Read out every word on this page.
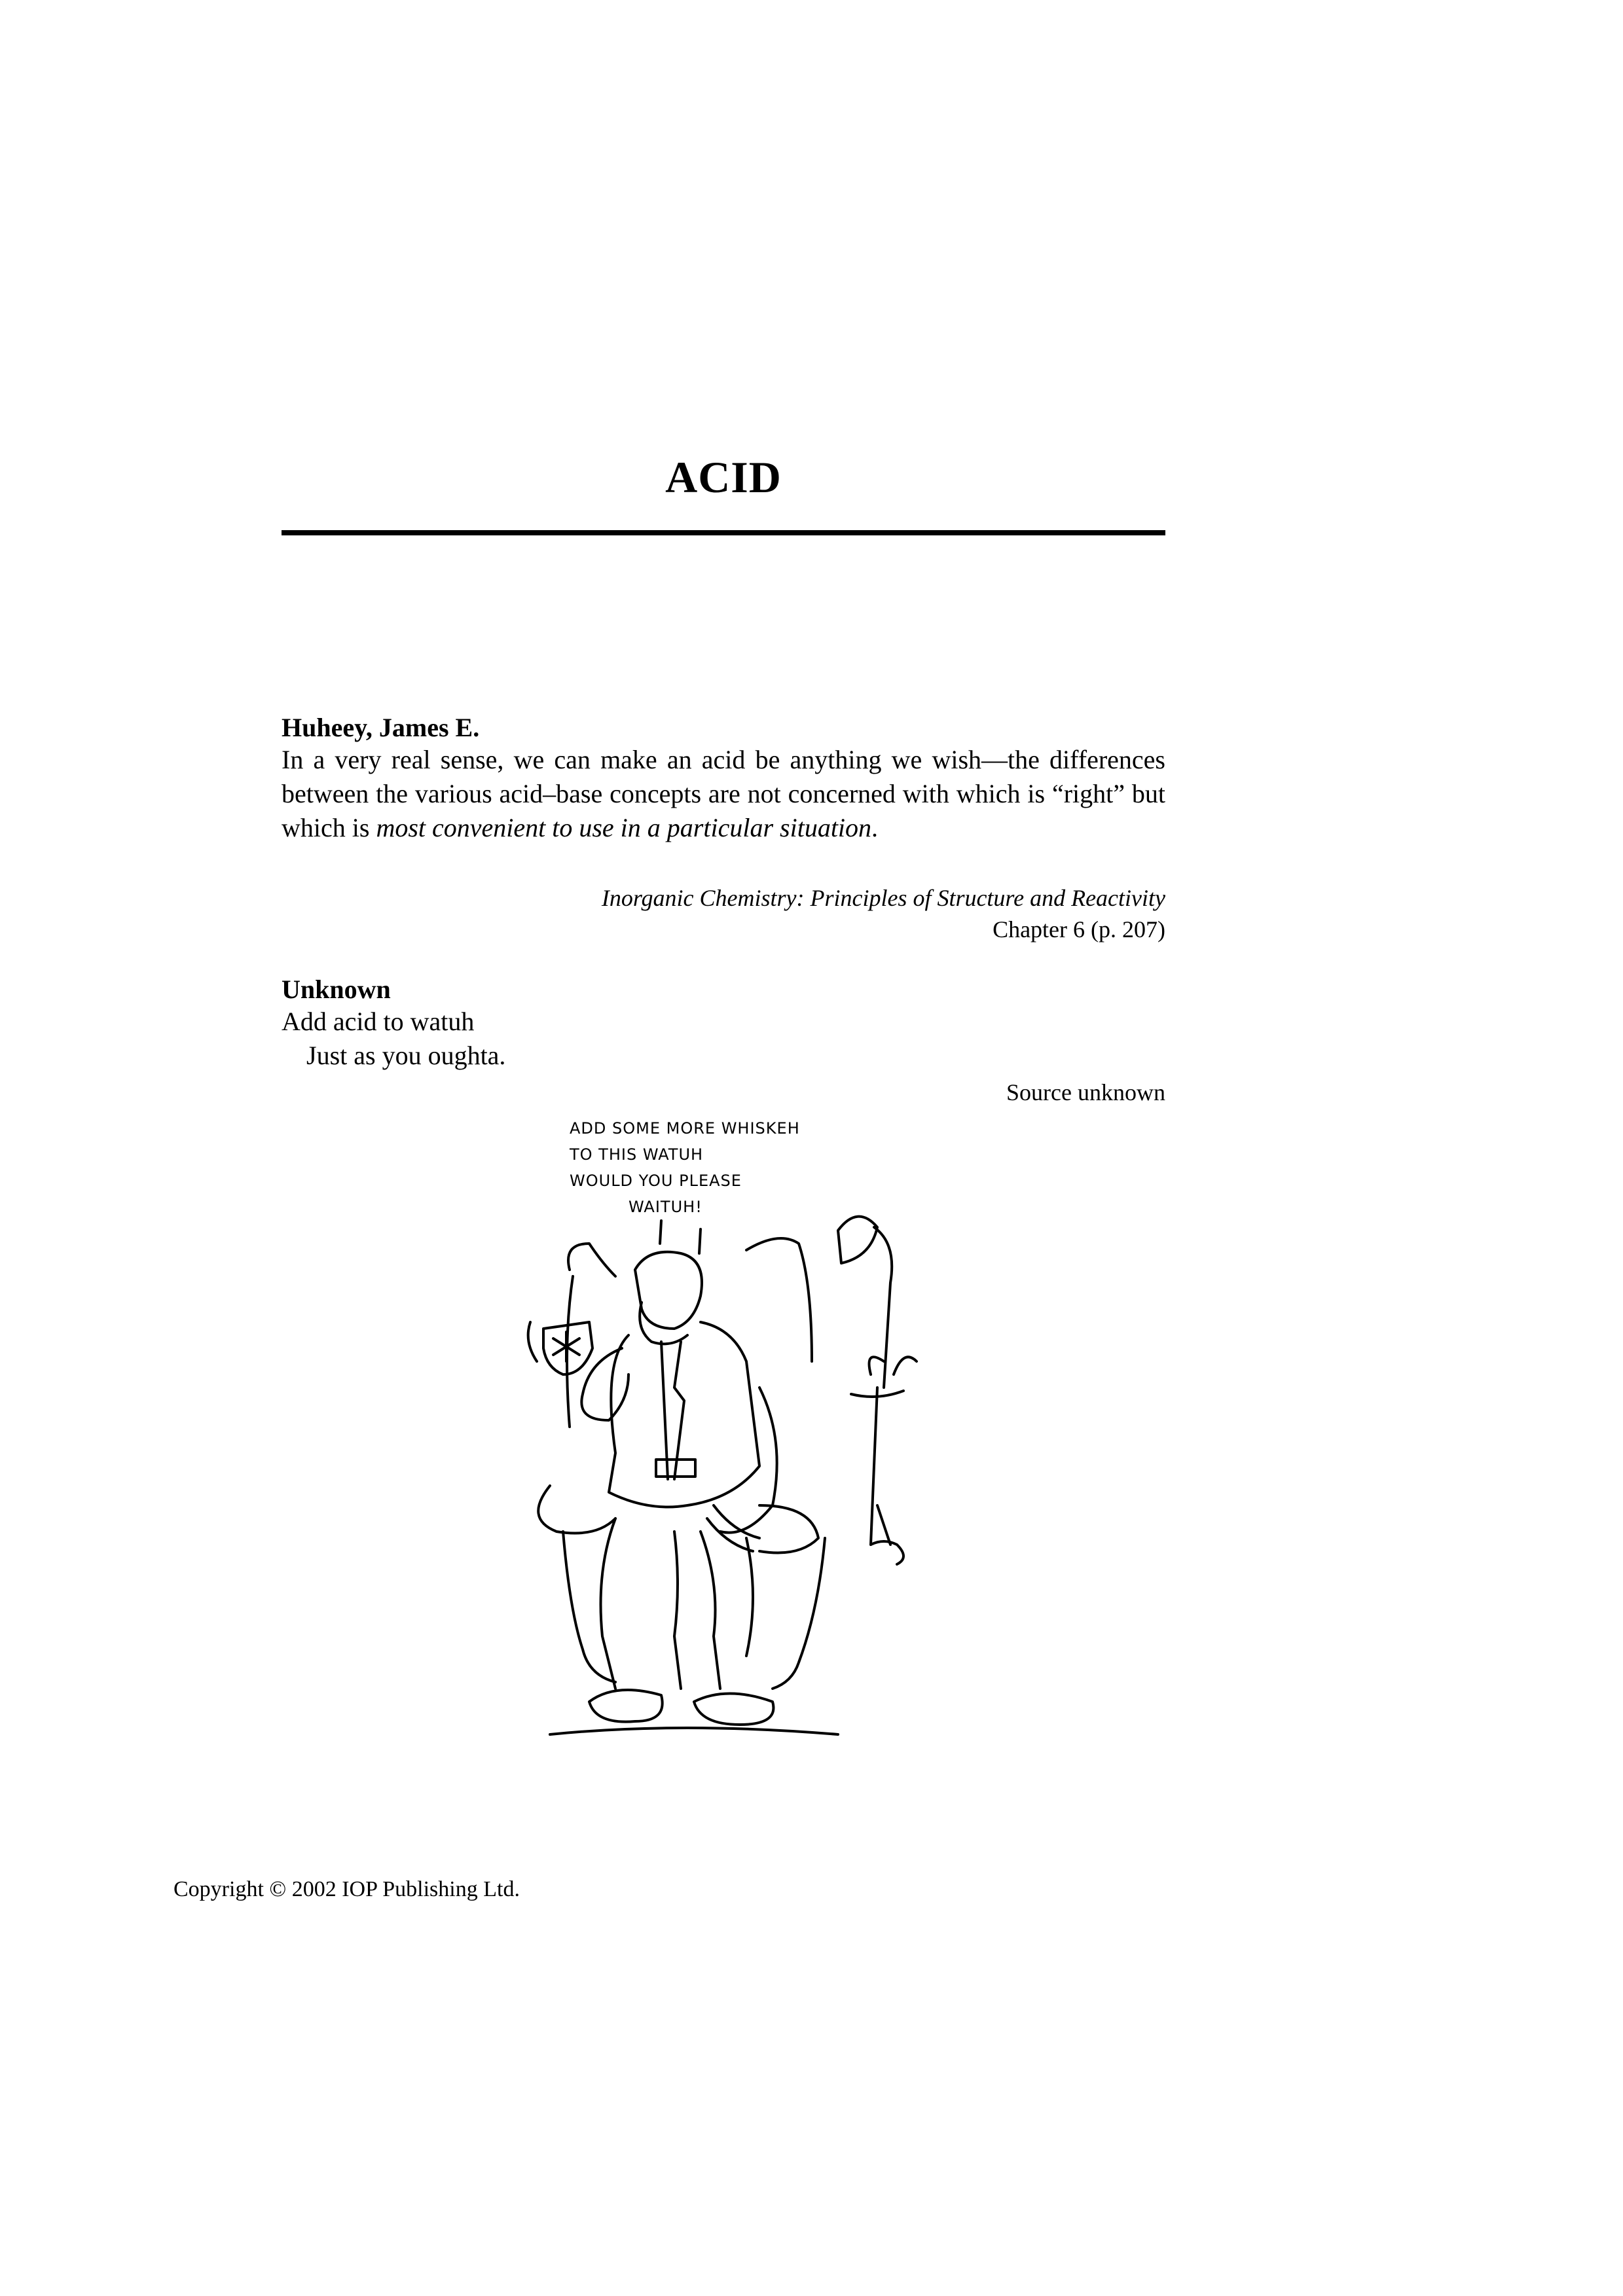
ACID
Huheey, James E.
In a very real sense, we can make an acid be anything we wish—the differences between the various acid–base concepts are not concerned with which is “right” but which is most convenient to use in a particular situation.
Inorganic Chemistry: Principles of Structure and Reactivity
Chapter 6 (p. 207)
Unknown
Add acid to watuh
Just as you oughta.
Source unknown
ADD SOME MORE WHISKEH
TO THIS WATUH
WOULD YOU PLEASE
WAITUH!
Copyright © 2002 IOP Publishing Ltd.
